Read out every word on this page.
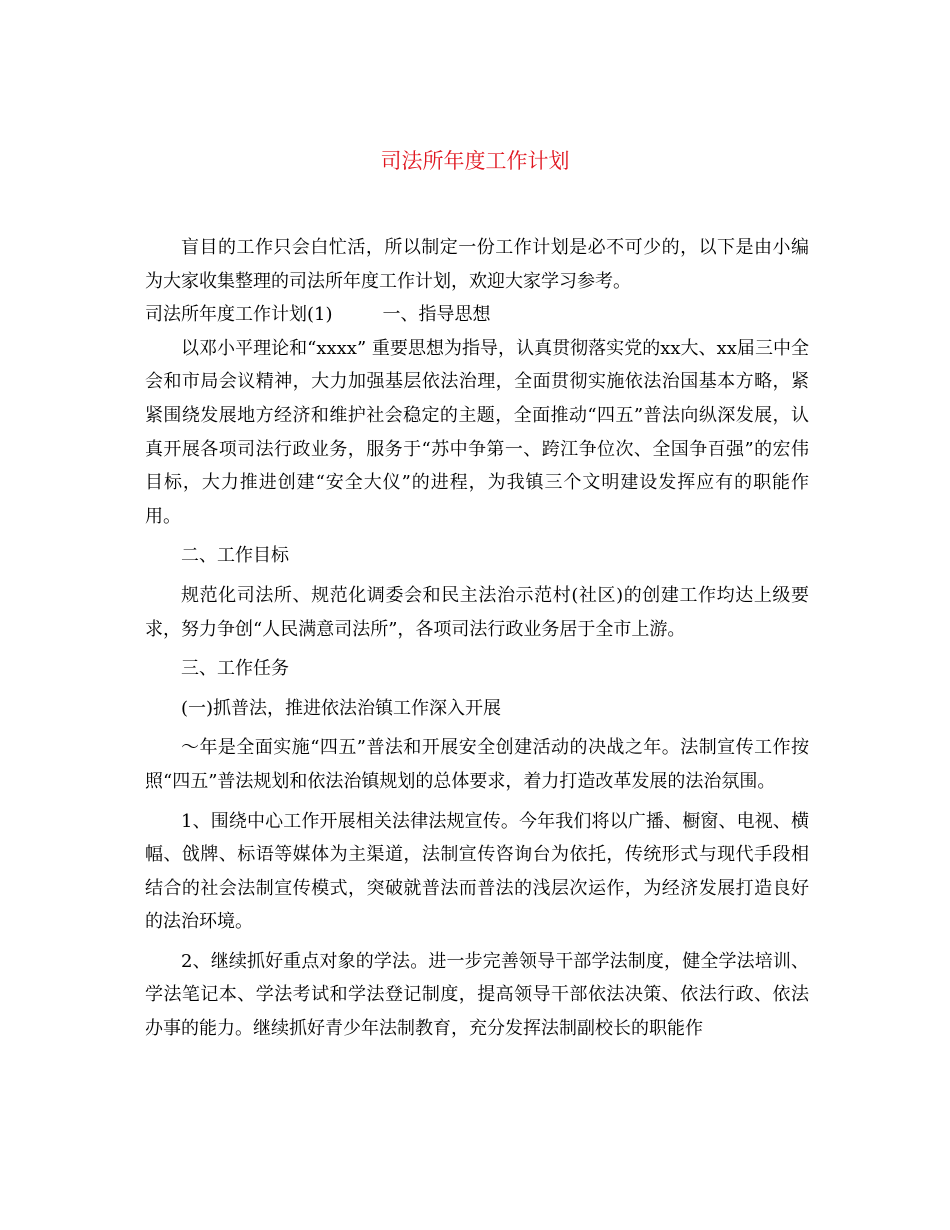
司法所年度工作计划

盲目的工作只会白忙活，所以制定一份工作计划是必不可少的，以下是由小编为大家收集整理的司法所年度工作计划，欢迎大家学习参考。

司法所年度工作计划(1)	一、指导思想

以邓小平理论和“xxxx” 重要思想为指导，认真贯彻落实党的xx大、xx届三中全会和市局会议精神，大力加强基层依法治理，全面贯彻实施依法治国基本方略，紧紧围绕发展地方经济和维护社会稳定的主题，全面推动“四五”普法向纵深发展，认真开展各项司法行政业务，服务于“苏中争第一、跨江争位次、全国争百强”的宏伟目标，大力推进创建“安全大仪”的进程，为我镇三个文明建设发挥应有的职能作用。

二、工作目标

规范化司法所、规范化调委会和民主法治示范村(社区)的创建工作均达上级要求，努力争创“人民满意司法所”，各项司法行政业务居于全市上游。

三、工作任务

(一)抓普法，推进依法治镇工作深入开展

～年是全面实施“四五”普法和开展安全创建活动的决战之年。法制宣传工作按照“四五”普法规划和依法治镇规划的总体要求，着力打造改革发展的法治氛围。

1、围绕中心工作开展相关法律法规宣传。今年我们将以广播、橱窗、电视、横幅、戗牌、标语等媒体为主渠道，法制宣传咨询台为依托，传统形式与现代手段相结合的社会法制宣传模式，突破就普法而普法的浅层次运作，为经济发展打造良好的法治环境。

2、继续抓好重点对象的学法。进一步完善领导干部学法制度，健全学法培训、学法笔记本、学法考试和学法登记制度，提高领导干部依法决策、依法行政、依法办事的能力。继续抓好青少年法制教育，充分发挥法制副校长的职能作
